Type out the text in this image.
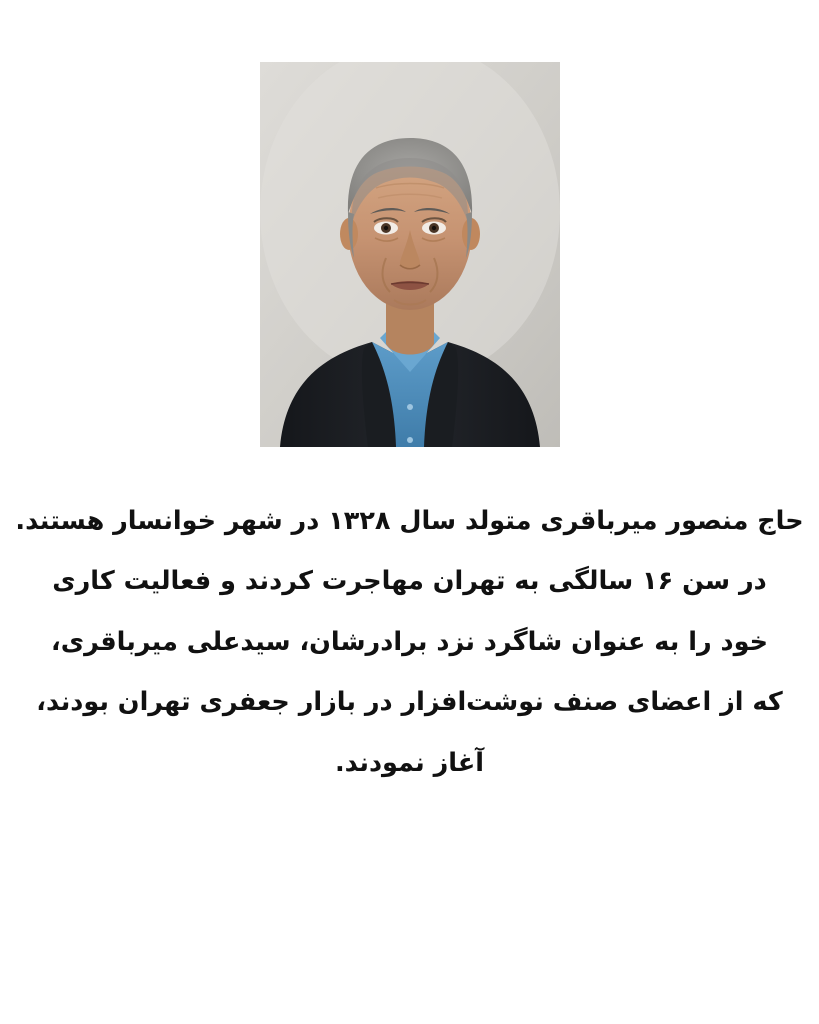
حاج منصور میرباقری متولد سال ۱۳۲۸ در شهر خوانسار هستند.
در سن ۱۶ سالگی به تهران مهاجرت کردند و فعالیت کاری
خود را به عنوان شاگرد نزد برادرشان، سیدعلی میرباقری،
که از اعضای صنف نوشت‌افزار در بازار جعفری تهران بودند،
آغاز نمودند.
